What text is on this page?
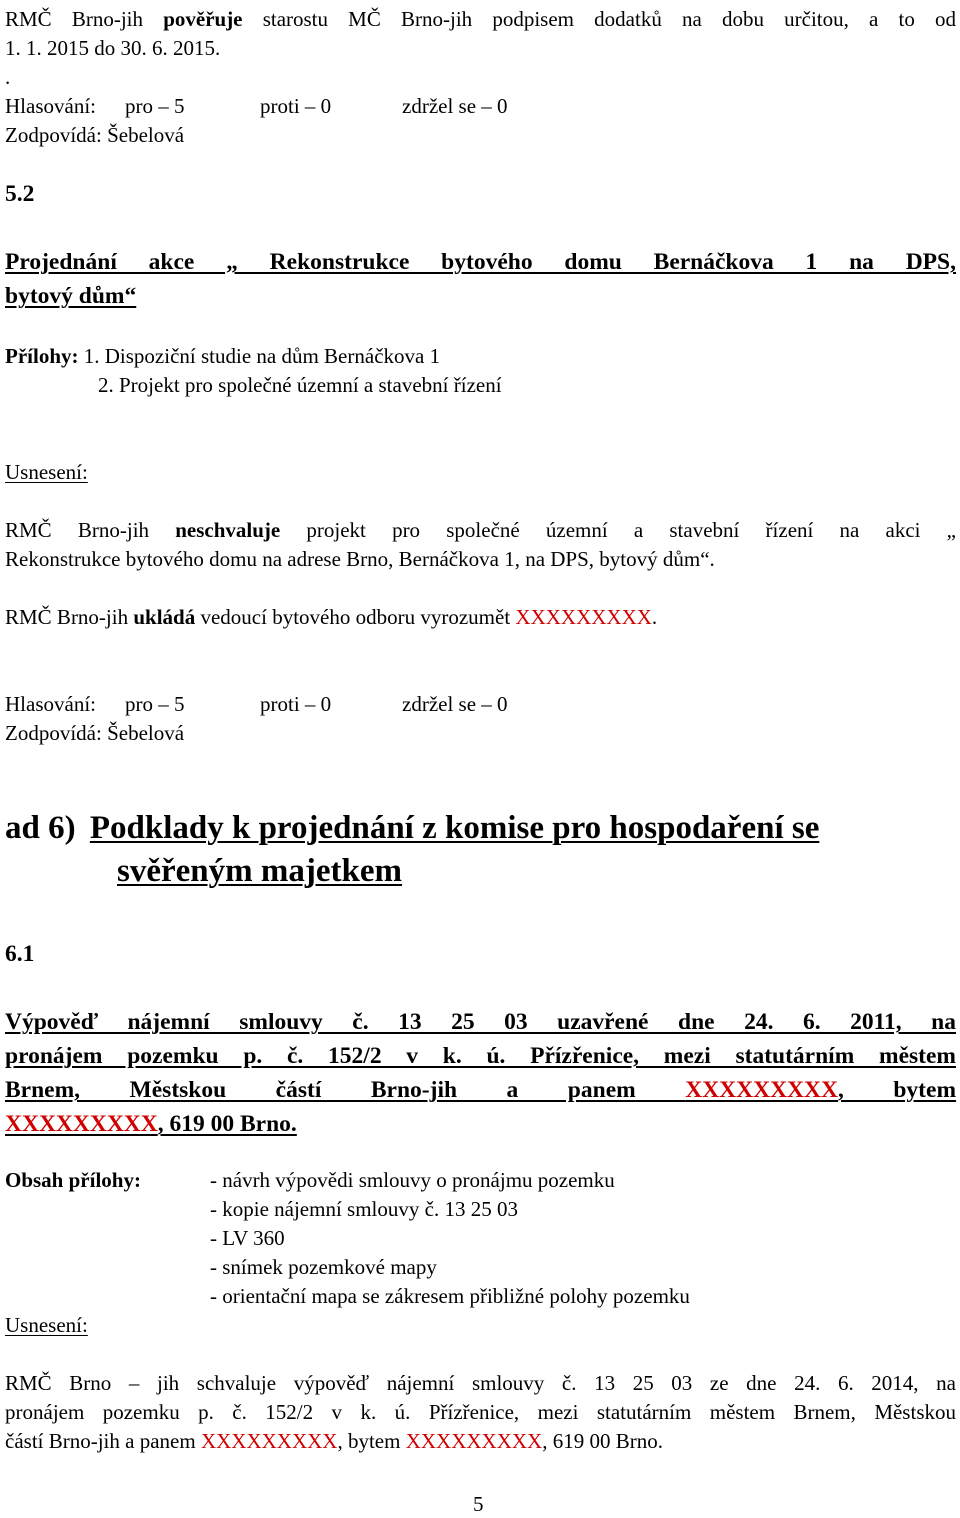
RMČ Brno-jih pověřuje starostu MČ Brno-jih podpisem dodatků na dobu určitou, a to od
1. 1. 2015 do 30. 6. 2015.
.
Hlasování: pro – 5	proti – 0	zdržel se – 0
Zodpovídá: Šebelová
5.2
Projednání akce „ Rekonstrukce bytového domu Bernáčkova 1 na DPS,
bytový dům“
Přílohy: 1. Dispoziční studie na dům Bernáčkova 1
2. Projekt pro společné územní a stavební řízení
Usnesení:
RMČ Brno-jih neschvaluje projekt pro společné územní a stavební řízení na akci „
Rekonstrukce bytového domu na adrese Brno, Bernáčkova 1, na DPS, bytový dům“.
RMČ Brno-jih ukládá vedoucí bytového odboru vyrozumět XXXXXXXXX.
Hlasování: pro – 5	proti – 0	zdržel se – 0
Zodpovídá: Šebelová
ad 6) Podklady k projednání z komise pro hospodaření se
svěřeným majetkem
6.1
Výpověď nájemní smlouvy č. 13 25 03 uzavřené dne 24. 6. 2011, na
pronájem pozemku p. č. 152/2 v k. ú. Přízřenice, mezi statutárním městem
Brnem, Městskou částí Brno-jih a panem XXXXXXXXX, bytem
XXXXXXXXX, 619 00 Brno.
Obsah přílohy:	- návrh výpovědi smlouvy o pronájmu pozemku
- kopie nájemní smlouvy č. 13 25 03
- LV 360
- snímek pozemkové mapy
- orientační mapa se zákresem přibližné polohy pozemku
Usnesení:
RMČ Brno – jih schvaluje výpověď nájemní smlouvy č. 13 25 03 ze dne 24. 6. 2014, na
pronájem pozemku p. č. 152/2 v k. ú. Přízřenice, mezi statutárním městem Brnem, Městskou
částí Brno-jih a panem XXXXXXXXX, bytem XXXXXXXXX, 619 00 Brno.
5
